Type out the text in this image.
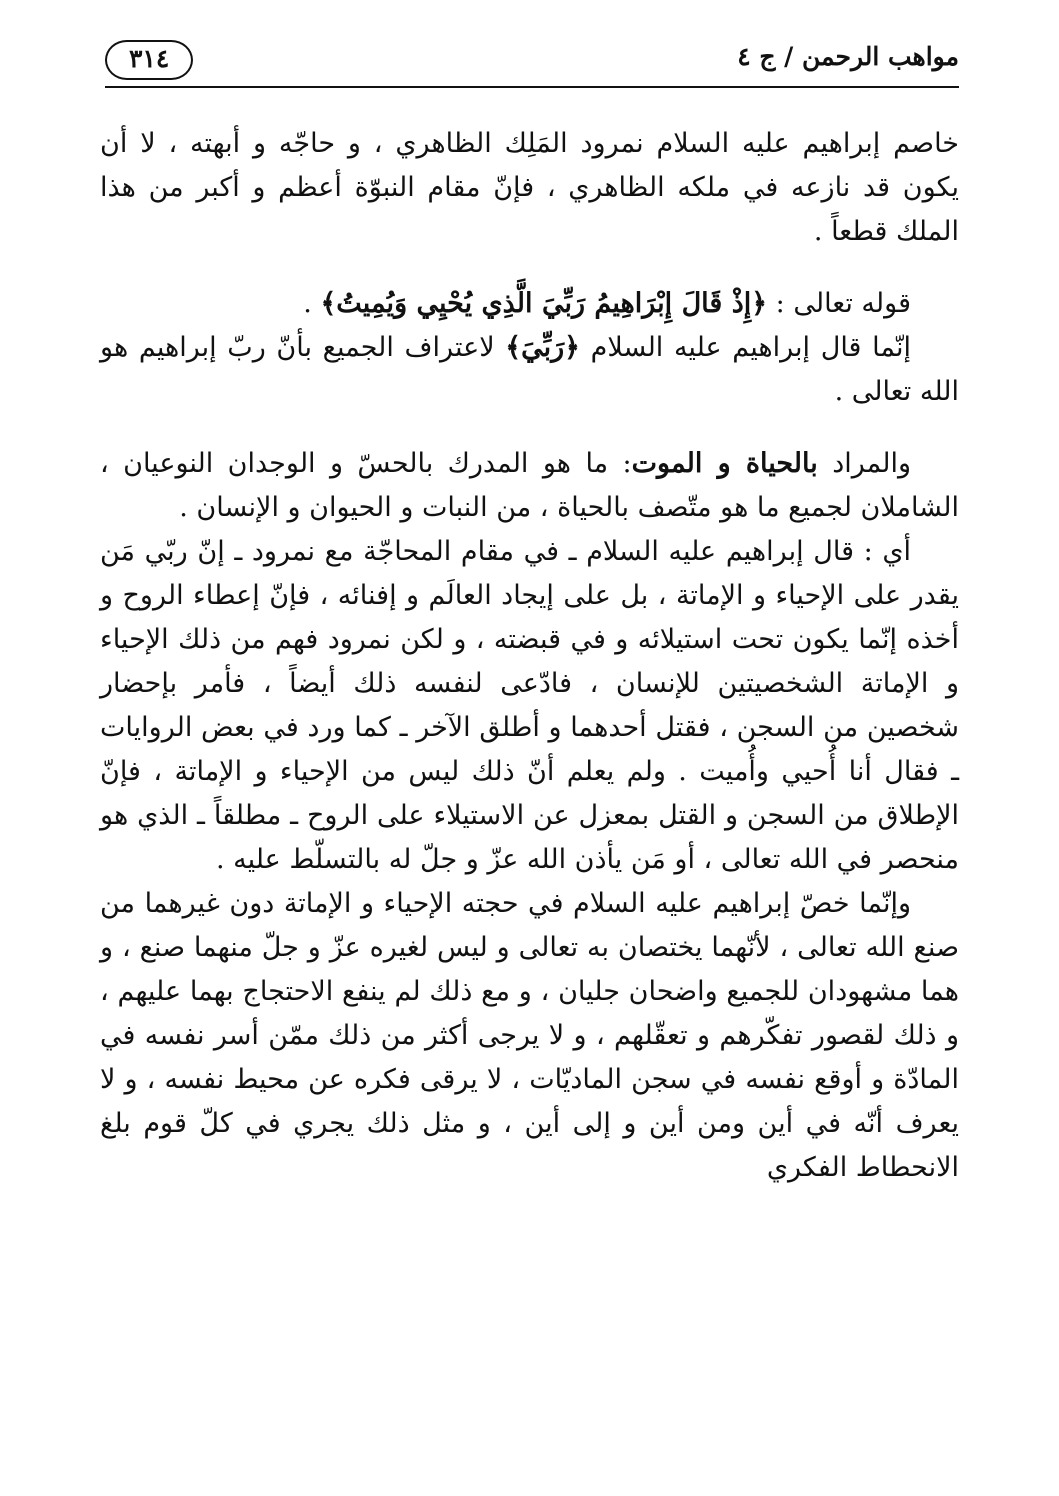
مواهب الرحمن / ج ٤
٣١٤

خاصم إبراهيم عليه السلام نمرود المَلِك الظاهري ، و حاجّه و أبهته ، لا أن يكون قد نازعه في ملكه الظاهري ، فإنّ مقام النبوّة أعظم و أكبر من هذا الملك قطعاً .

قوله تعالى : ﴿إِذْ قَالَ إِبْرَاهِيمُ رَبِّيَ الَّذِي يُحْيِي وَيُمِيتُ﴾ .

إنّما قال إبراهيم عليه السلام ﴿رَبِّيَ﴾ لاعتراف الجميع بأنّ ربّ إبراهيم هو الله تعالى .

والمراد بالحياة و الموت: ما هو المدرك بالحسّ و الوجدان النوعيان ، الشاملان لجميع ما هو متّصف بالحياة ، من النبات و الحيوان و الإنسان .

أي : قال إبراهيم عليه السلام ـ في مقام المحاجّة مع نمرود ـ إنّ ربّي مَن يقدر على الإحياء و الإماتة ، بل على إيجاد العالَم و إفنائه ، فإنّ إعطاء الروح و أخذه إنّما يكون تحت استيلائه و في قبضته ، و لكن نمرود فهم من ذلك الإحياء و الإماتة الشخصيتين للإنسان ، فادّعى لنفسه ذلك أيضاً ، فأمر بإحضار شخصين من السجن ، فقتل أحدهما و أطلق الآخر ـ كما ورد في بعض الروايات ـ فقال أنا أُحيي وأُميت . ولم يعلم أنّ ذلك ليس من الإحياء و الإماتة ، فإنّ الإطلاق من السجن و القتل بمعزل عن الاستيلاء على الروح ـ مطلقاً ـ الذي هو منحصر في الله تعالى ، أو مَن يأذن الله عزّ و جلّ له بالتسلّط عليه .

وإنّما خصّ إبراهيم عليه السلام في حجته الإحياء و الإماتة دون غيرهما من صنع الله تعالى ، لأنّهما يختصان به تعالى و ليس لغيره عزّ و جلّ منهما صنع ، و هما مشهودان للجميع واضحان جليان ، و مع ذلك لم ينفع الاحتجاج بهما عليهم ، و ذلك لقصور تفكّرهم و تعقّلهم ، و لا يرجى أكثر من ذلك ممّن أسر نفسه في المادّة و أوقع نفسه في سجن الماديّات ، لا يرقى فكره عن محيط نفسه ، و لا يعرف أنّه في أين ومن أين و إلى أين ، و مثل ذلك يجري في كلّ قوم بلغ الانحطاط الفكري
